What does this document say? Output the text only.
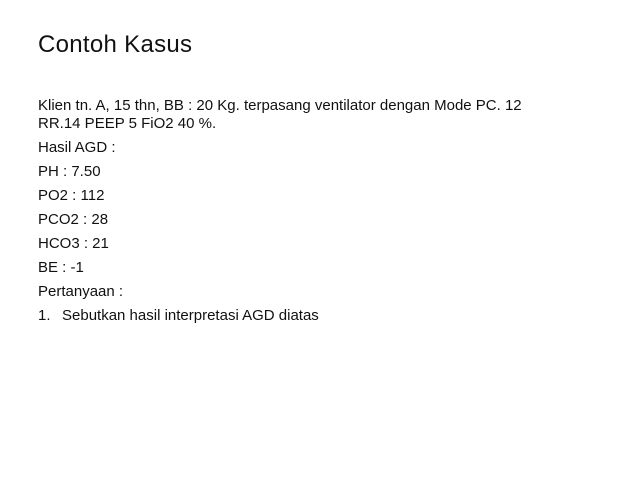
Contoh Kasus

Klien tn. A, 15 thn, BB : 20 Kg. terpasang ventilator dengan Mode PC. 12
RR.14 PEEP 5 FiO2 40 %.

Hasil AGD :

PH : 7.50

PO2 : 112

PCO2 : 28

HCO3 : 21

BE : -1

Pertanyaan :

1. Sebutkan hasil interpretasi AGD diatas
